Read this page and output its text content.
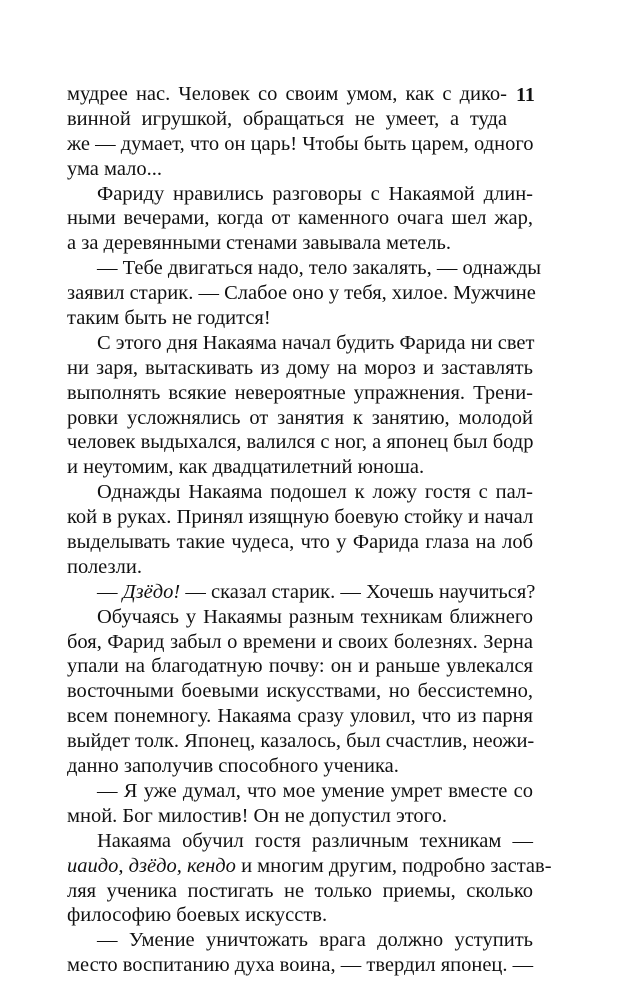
11
мудрее нас. Человек со своим умом, как с дико-
винной игрушкой, обращаться не умеет, а туда
же — думает, что он царь! Чтобы быть царем, одного
ума мало...
Фариду нравились разговоры с Накаямой длин-
ными вечерами, когда от каменного очага шел жар,
а за деревянными стенами завывала метель.
— Тебе двигаться надо, тело закалять, — однажды
заявил старик. — Слабое оно у тебя, хилое. Мужчине
таким быть не годится!
С этого дня Накаяма начал будить Фарида ни свет
ни заря, вытаскивать из дому на мороз и заставлять
выполнять всякие невероятные упражнения. Трени-
ровки усложнялись от занятия к занятию, молодой
человек выдыхался, валился с ног, а японец был бодр
и неутомим, как двадцатилетний юноша.
Однажды Накаяма подошел к ложу гостя с пал-
кой в руках. Принял изящную боевую стойку и начал
выделывать такие чудеса, что у Фарида глаза на лоб
полезли.
— Дзёдо! — сказал старик. — Хочешь научиться?
Обучаясь у Накаямы разным техникам ближнего
боя, Фарид забыл о времени и своих болезнях. Зерна
упали на благодатную почву: он и раньше увлекался
восточными боевыми искусствами, но бессистемно,
всем понемногу. Накаяма сразу уловил, что из парня
выйдет толк. Японец, казалось, был счастлив, неожи-
данно заполучив способного ученика.
— Я уже думал, что мое умение умрет вместе со
мной. Бог милостив! Он не допустил этого.
Накаяма обучил гостя различным техникам —
иаидо, дзёдо, кендо и многим другим, подробно застав-
ляя ученика постигать не только приемы, сколько
философию боевых искусств.
— Умение уничтожать врага должно уступить
место воспитанию духа воина, — твердил японец. —
